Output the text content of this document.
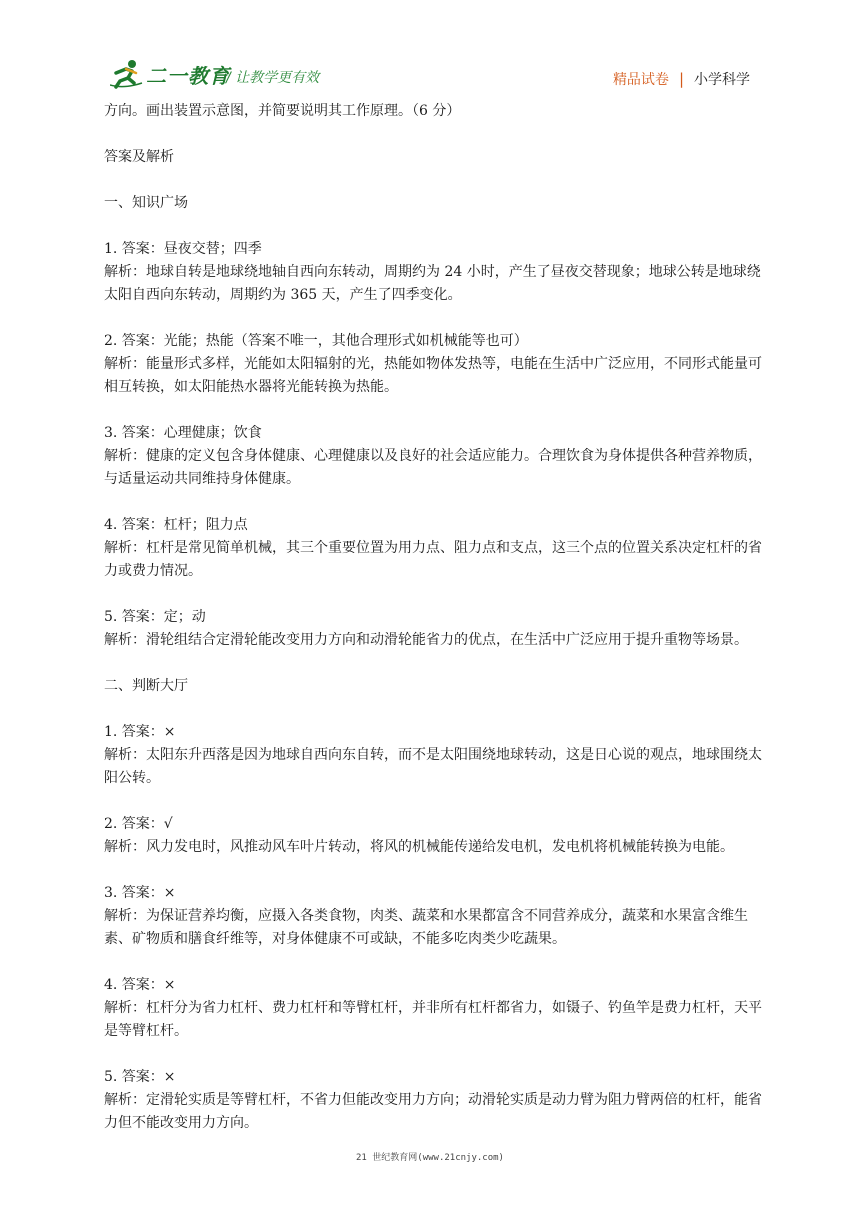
二一教育
/ 让教学更有效	精品试卷 | 小学科学

方向。画出装置示意图，并简要说明其工作原理。（6 分）

答案及解析

一、知识广场

1. 答案：昼夜交替；四季

解析：地球自转是地球绕地轴自西向东转动，周期约为 24 小时，产生了昼夜交替现象；地球公转是地球绕太阳自西向东转动，周期约为 365 天，产生了四季变化。

2. 答案：光能；热能（答案不唯一，其他合理形式如机械能等也可）

解析：能量形式多样，光能如太阳辐射的光，热能如物体发热等，电能在生活中广泛应用，不同形式能量可相互转换，如太阳能热水器将光能转换为热能。

3. 答案：心理健康；饮食

解析：健康的定义包含身体健康、心理健康以及良好的社会适应能力。合理饮食为身体提供各种营养物质，与适量运动共同维持身体健康。

4. 答案：杠杆；阻力点

解析：杠杆是常见简单机械，其三个重要位置为用力点、阻力点和支点，这三个点的位置关系决定杠杆的省力或费力情况。

5. 答案：定；动

解析：滑轮组结合定滑轮能改变用力方向和动滑轮能省力的优点，在生活中广泛应用于提升重物等场景。

二、判断大厅

1. 答案：×

解析：太阳东升西落是因为地球自西向东自转，而不是太阳围绕地球转动，这是日心说的观点，地球围绕太阳公转。

2. 答案：√

解析：风力发电时，风推动风车叶片转动，将风的机械能传递给发电机，发电机将机械能转换为电能。

3. 答案：×

解析：为保证营养均衡，应摄入各类食物，肉类、蔬菜和水果都富含不同营养成分，蔬菜和水果富含维生素、矿物质和膳食纤维等，对身体健康不可或缺，不能多吃肉类少吃蔬果。

4. 答案：×

解析：杠杆分为省力杠杆、费力杠杆和等臂杠杆，并非所有杠杆都省力，如镊子、钓鱼竿是费力杠杆，天平是等臂杠杆。

5. 答案：×

解析：定滑轮实质是等臂杠杆，不省力但能改变用力方向；动滑轮实质是动力臂为阻力臂两倍的杠杆，能省力但不能改变用力方向。

21 世纪教育网(www.21cnjy.com)
